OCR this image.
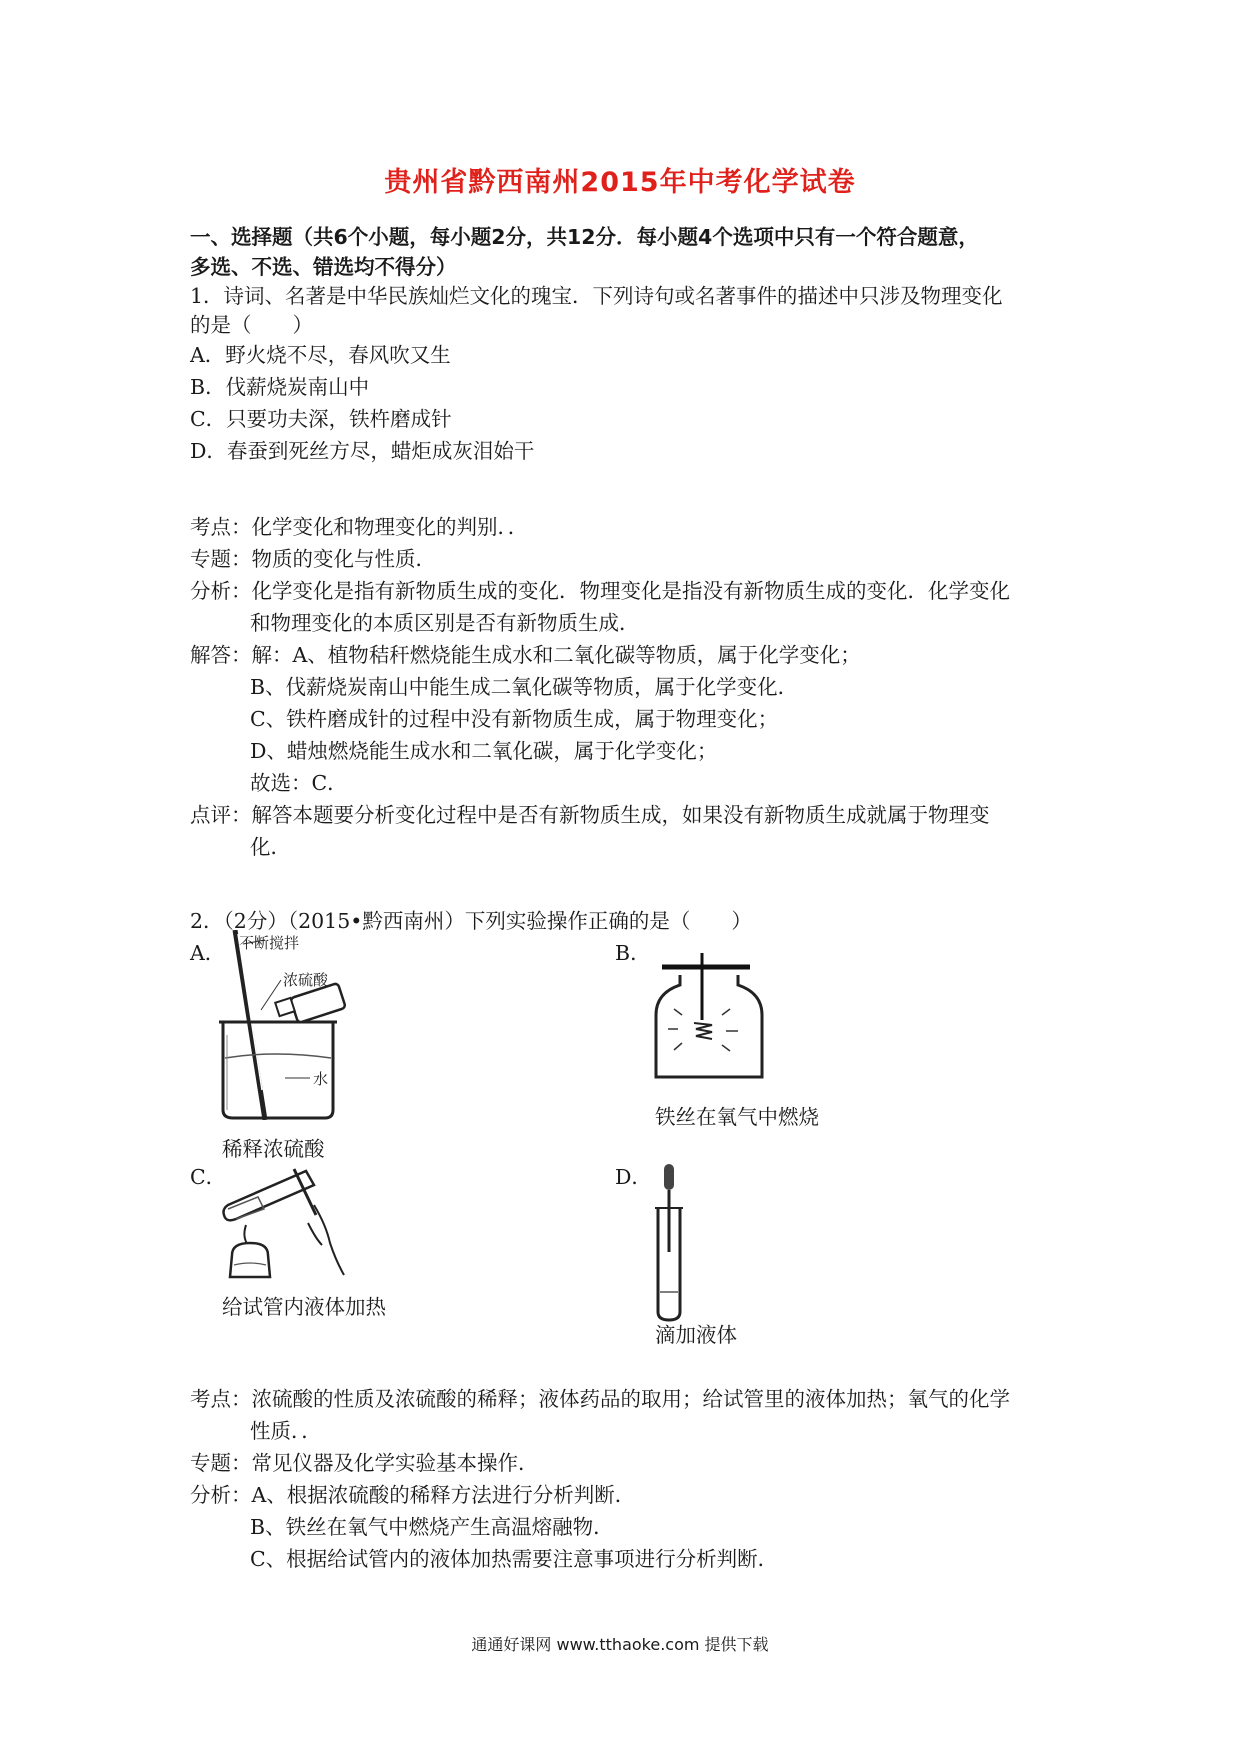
贵州省黔西南州2015年中考化学试卷
一、选择题（共6个小题，每小题2分，共12分．每小题4个选项中只有一个符合题意，
多选、不选、错选均不得分）
1．诗词、名著是中华民族灿烂文化的瑰宝．下列诗句或名著事件的描述中只涉及物理变化
的是（　　）
A．野火烧不尽，春风吹又生
B．伐薪烧炭南山中
C．只要功夫深，铁杵磨成针
D．春蚕到死丝方尽，蜡炬成灰泪始干
考点：化学变化和物理变化的判别．．
专题：物质的变化与性质．
分析：化学变化是指有新物质生成的变化．物理变化是指没有新物质生成的变化．化学变化
和物理变化的本质区别是否有新物质生成．
解答：解：A、植物秸秆燃烧能生成水和二氧化碳等物质，属于化学变化；
B、伐薪烧炭南山中能生成二氧化碳等物质，属于化学变化．
C、铁杵磨成针的过程中没有新物质生成，属于物理变化；
D、蜡烛燃烧能生成水和二氧化碳，属于化学变化；
故选：C．
点评：解答本题要分析变化过程中是否有新物质生成，如果没有新物质生成就属于物理变
化．
2．（2分）（2015•黔西南州）下列实验操作正确的是（　　）
A．	B．
C．	D．
不断搅拌
浓硫酸
水
稀释浓硫酸
铁丝在氧气中燃烧
给试管内液体加热
滴加液体
考点：浓硫酸的性质及浓硫酸的稀释；液体药品的取用；给试管里的液体加热；氧气的化学
性质．．
专题：常见仪器及化学实验基本操作．
分析：A、根据浓硫酸的稀释方法进行分析判断．
B、铁丝在氧气中燃烧产生高温熔融物．
C、根据给试管内的液体加热需要注意事项进行分析判断．
通通好课网 www.tthaoke.com 提供下载
